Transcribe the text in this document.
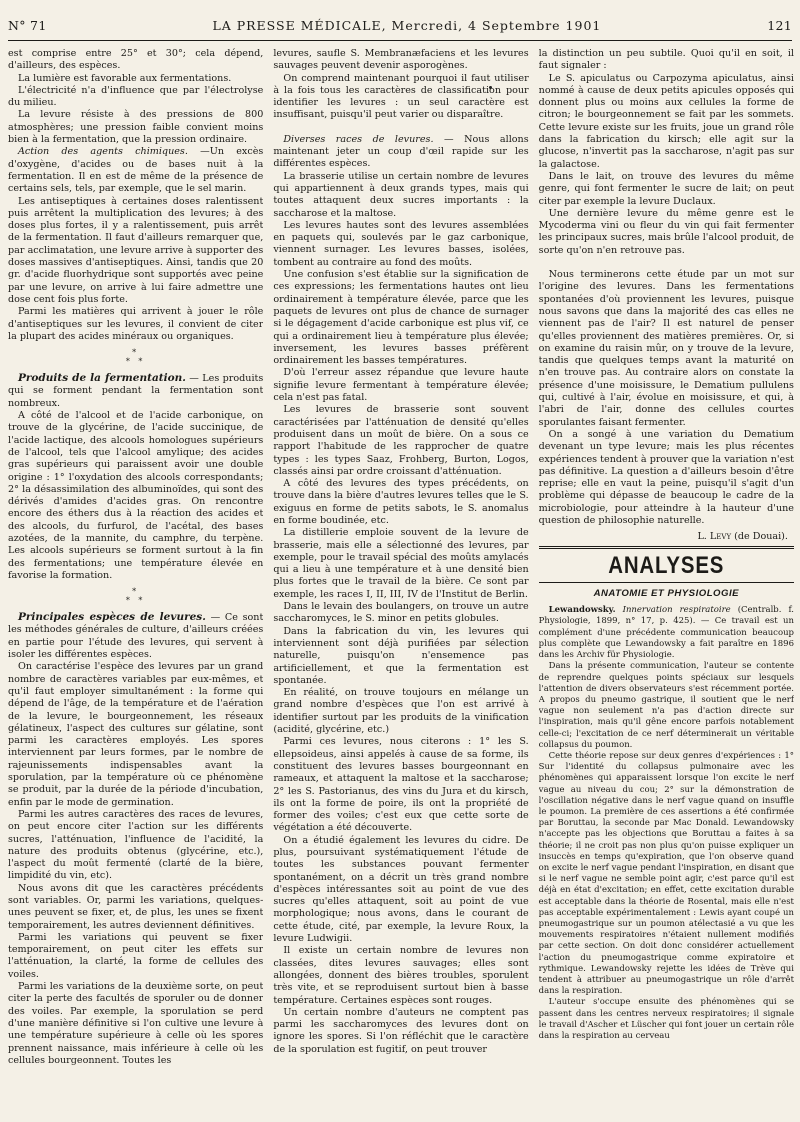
N° 71	LA PRESSE MÉDICALE, Mercredi, 4 Septembre 1901	121

est comprise entre 25° et 30°; cela dépend, d'ailleurs, des espèces.

La lumière est favorable aux fermentations.

L'électricité n'a d'influence que par l'électrolyse du milieu.

La levure résiste à des pressions de 800 atmosphères; une pression faible convient moins bien à la fermentation, que la pression ordinaire.

Action des agents chimiques. —Un excès d'oxygène, d'acides ou de bases nuit à la fermentation. Il en est de même de la présence de certains sels, tels, par exemple, que le sel marin.

Les antiseptiques à certaines doses ralentissent puis arrêtent la multiplication des levures; à des doses plus fortes, il y a ralentissement, puis arrêt de la fermentation. Il faut d'ailleurs remarquer que, par acclimatation, une levure arrive à supporter des doses massives d'antiseptiques. Ainsi, tandis que 20 gr. d'acide fluorhydrique sont supportés avec peine par une levure, on arrive à lui faire admettre une dose cent fois plus forte.

Parmi les matières qui arrivent à jouer le rôle d'antiseptiques sur les levures, il convient de citer la plupart des acides minéraux ou organiques.

*
* *

Produits de la fermentation. — Les produits qui se forment pendant la fermentation sont nombreux.

A côté de l'alcool et de l'acide carbonique, on trouve de la glycérine, de l'acide succinique, de l'acide lactique, des alcools homologues supérieurs de l'alcool, tels que l'alcool amylique; des acides gras supérieurs qui paraissent avoir une double origine : 1° l'oxydation des alcools correspondants; 2° la désassimilation des albuminoïdes, qui sont des dérivés d'amides d'acides gras. On rencontre encore des éthers dus à la réaction des acides et des alcools, du furfurol, de l'acétal, des bases azotées, de la mannite, du camphre, du terpène. Les alcools supérieurs se forment surtout à la fin des fermentations; une température élevée en favorise la formation.

*
* *

Principales espèces de levures. — Ce sont les méthodes générales de culture, d'ailleurs créées en partie pour l'étude des levures, qui servent à isoler les différentes espèces.

On caractérise l'espèce des levures par un grand nombre de caractères variables par eux-mêmes, et qu'il faut employer simultanément : la forme qui dépend de l'âge, de la température et de l'aération de la levure, le bourgeonnement, les réseaux gélatineux, l'aspect des cultures sur gélatine, sont parmi les caractères employés. Les spores interviennent par leurs formes, par le nombre de rajeunissements indispensables avant la sporulation, par la température où ce phénomène se produit, par la durée de la période d'incubation, enfin par le mode de germination.

Parmi les autres caractères des races de levures, on peut encore citer l'action sur les différents sucres, l'atténuation, l'influence de l'acidité, la nature des produits obtenus (glycérine, etc.), l'aspect du moût fermenté (clarté de la bière, limpidité du vin, etc).

Nous avons dit que les caractères précédents sont variables. Or, parmi les variations, quelques-unes peuvent se fixer, et, de plus, les unes se fixent temporairement, les autres deviennent définitives.

Parmi les variations qui peuvent se fixer temporairement, on peut citer les effets sur l'atténuation, la clarté, la forme de cellules des voiles.

Parmi les variations de la deuxième sorte, on peut citer la perte des facultés de sporuler ou de donner des voiles. Par exemple, la sporulation se perd d'une manière définitive si l'on cultive une levure à une température supérieure à celle où les spores prennent naissance, mais inférieure à celle où les cellules bourgeonnent. Toutes les

levures, saufle S. Membranæfaciens et les levures sauvages peuvent devenir asporogènes.

On comprend maintenant pourquoi il faut utiliser à la fois tous les caractères de classification pour identifier les levures : un seul caractère est insuffisant, puisqu'il peut varier ou disparaître.

Diverses races de levures. — Nous allons maintenant jeter un coup d'œil rapide sur les différentes espèces.

La brasserie utilise un certain nombre de levures qui appartiennent à deux grands types, mais qui toutes attaquent deux sucres importants : la saccharose et la maltose.

Les levures hautes sont des levures assemblées en paquets qui, soulevés par le gaz carbonique, viennent surnager. Les levures basses, isolées, tombent au contraire au fond des moûts.

Une confusion s'est établie sur la signification de ces expressions; les fermentations hautes ont lieu ordinairement à température élevée, parce que les paquets de levures ont plus de chance de surnager si le dégagement d'acide carbonique est plus vif, ce qui a ordinairement lieu à température plus élevée; inversement, les levures basses préfèrent ordinairement les basses températures.

D'où l'erreur assez répandue que levure haute signifie levure fermentant à température élevée; cela n'est pas fatal.

Les levures de brasserie sont souvent caractérisées par l'atténuation de densité qu'elles produisent dans un moût de bière. On a sous ce rapport l'habitude de les rapprocher de quatre types : les types Saaz, Frohberg, Burton, Logos, classés ainsi par ordre croissant d'atténuation.

A côté des levures des types précédents, on trouve dans la bière d'autres levures telles que le S. exiguus en forme de petits sabots, le S. anomalus en forme boudinée, etc.

La distillerie emploie souvent de la levure de brasserie, mais elle a sélectionné des levures, par exemple, pour le travail spécial des moûts amylacés qui a lieu à une température et à une densité bien plus fortes que le travail de la bière. Ce sont par exemple, les races I, II, III, IV de l'Institut de Berlin.

Dans le levain des boulangers, on trouve un autre saccharomyces, le S. minor en petits globules.

Dans la fabrication du vin, les levures qui interviennent sont déjà purifiées par sélection naturelle, puisqu'on n'ensemence pas artificiellement, et que la fermentation est spontanée.

En réalité, on trouve toujours en mélange un grand nombre d'espèces que l'on est arrivé à identifier surtout par les produits de la vinification (acidité, glycérine, etc.)

Parmi ces levures, nous citerons : 1° les S. ellepsoideus, ainsi appelés à cause de sa forme, ils constituent des levures basses bourgeonnant en rameaux, et attaquent la maltose et la saccharose; 2° les S. Pastorianus, des vins du Jura et du kirsch, ils ont la forme de poire, ils ont la propriété de former des voiles; c'est eux que cette sorte de végétation a été découverte.

On a étudié également les levures du cidre. De plus, poursuivant systématiquement l'étude de toutes les substances pouvant fermenter spontanément, on a décrit un très grand nombre d'espèces intéressantes soit au point de vue des sucres qu'elles attaquent, soit au point de vue morphologique; nous avons, dans le courant de cette étude, cité, par exemple, la levure Roux, la levure Ludwigii.

Il existe un certain nombre de levures non classées, dites levures sauvages; elles sont allongées, donnent des bières troubles, sporulent très vite, et se reproduisent surtout bien à basse température. Certaines espèces sont rouges.

Un certain nombre d'auteurs ne comptent pas parmi les saccharomyces des levures dont on ignore les spores. Si l'on réfléchit que le caractère de la sporulation est fugitif, on peut trouver

la distinction un peu subtile. Quoi qu'il en soit, il faut signaler :

Le S. apiculatus ou Carpozyma apiculatus, ainsi nommé à cause de deux petits apicules opposés qui donnent plus ou moins aux cellules la forme de citron; le bourgeonnement se fait par les sommets. Cette levure existe sur les fruits, joue un grand rôle dans la fabrication du kirsch; elle agit sur la glucose, n'invertit pas la saccharose, n'agit pas sur la galactose.

Dans le lait, on trouve des levures du même genre, qui font fermenter le sucre de lait; on peut citer par exemple la levure Duclaux.

Une dernière levure du même genre est le Mycoderma vini ou fleur du vin qui fait fermenter les principaux sucres, mais brûle l'alcool produit, de sorte qu'on n'en retrouve pas.

Nous terminerons cette étude par un mot sur l'origine des levures. Dans les fermentations spontanées d'où proviennent les levures, puisque nous savons que dans la majorité des cas elles ne viennent pas de l'air? Il est naturel de penser qu'elles proviennent des matières premières. Or, si on examine du raisin mûr, on y trouve de la levure, tandis que quelques temps avant la maturité on n'en trouve pas. Au contraire alors on constate la présence d'une moisissure, le Dematium pullulens qui, cultivé à l'air, évolue en moisissure, et qui, à l'abri de l'air, donne des cellules courtes sporulantes faisant fermenter.

On a songé à une variation du Dematium devenant un type levure; mais les plus récentes expériences tendent à prouver que la variation n'est pas définitive. La question a d'ailleurs besoin d'être reprise; elle en vaut la peine, puisqu'il s'agit d'un problème qui dépasse de beaucoup le cadre de la microbiologie, pour atteindre à la hauteur d'une question de philosophie naturelle.

L. Levy (de Douai).
ANALYSES
ANATOMIE ET PHYSIOLOGIE

Lewandowsky. Innervation respiratoire (Centralb. f. Physiologie, 1899, n° 17, p. 425). — Ce travail est un complément d'une précédente communication beaucoup plus complète que Lewandowsky a fait paraître en 1896 dans les Archiv für Physiologie.

Dans la présente communication, l'auteur se contente de reprendre quelques points spéciaux sur lesquels l'attention de divers observateurs s'est récemment portée. A propos du pneumo gastrique, il soutient que le nerf vague non seulement n'a pas d'action directe sur l'inspiration, mais qu'il gêne encore parfois notablement celle-ci; l'excitation de ce nerf déterminerait un véritable collapsus du poumon.

Cette théorie repose sur deux genres d'expériences : 1° Sur l'identité du collapsus pulmonaire avec les phénomènes qui apparaissent lorsque l'on excite le nerf vague au niveau du cou; 2° sur la démonstration de l'oscillation négative dans le nerf vague quand on insuffle le poumon. La première de ces assertions a été confirmée par Boruttau, la seconde par Mac Donald. Lewandowsky n'accepte pas les objections que Boruttau a faites à sa théorie; il ne croit pas non plus qu'on puisse expliquer un insuccès en temps qu'expiration, que l'on observe quand on excite le nerf vague pendant l'inspiration, en disant que si le nerf vague ne semble point agir, c'est parce qu'il est déjà en état d'excitation; en effet, cette excitation durable est acceptable dans la théorie de Rosental, mais elle n'est pas acceptable expérimentalement : Lewis ayant coupé un pneumogastrique sur un poumon atélectasié a vu que les mouvements respiratoires n'étaient nullement modifiés par cette section. On doit donc considérer actuellement l'action du pneumogastrique comme expiratoire et rythmique. Lewandowsky rejette les idées de Trève qui tendent à attribuer au pneumogastrique un rôle d'arrêt dans la respiration.

L'auteur s'occupe ensuite des phénomènes qui se passent dans les centres nerveux respiratoires; il signale le travail d'Ascher et Lüscher qui font jouer un certain rôle dans la respiration au cerveau
